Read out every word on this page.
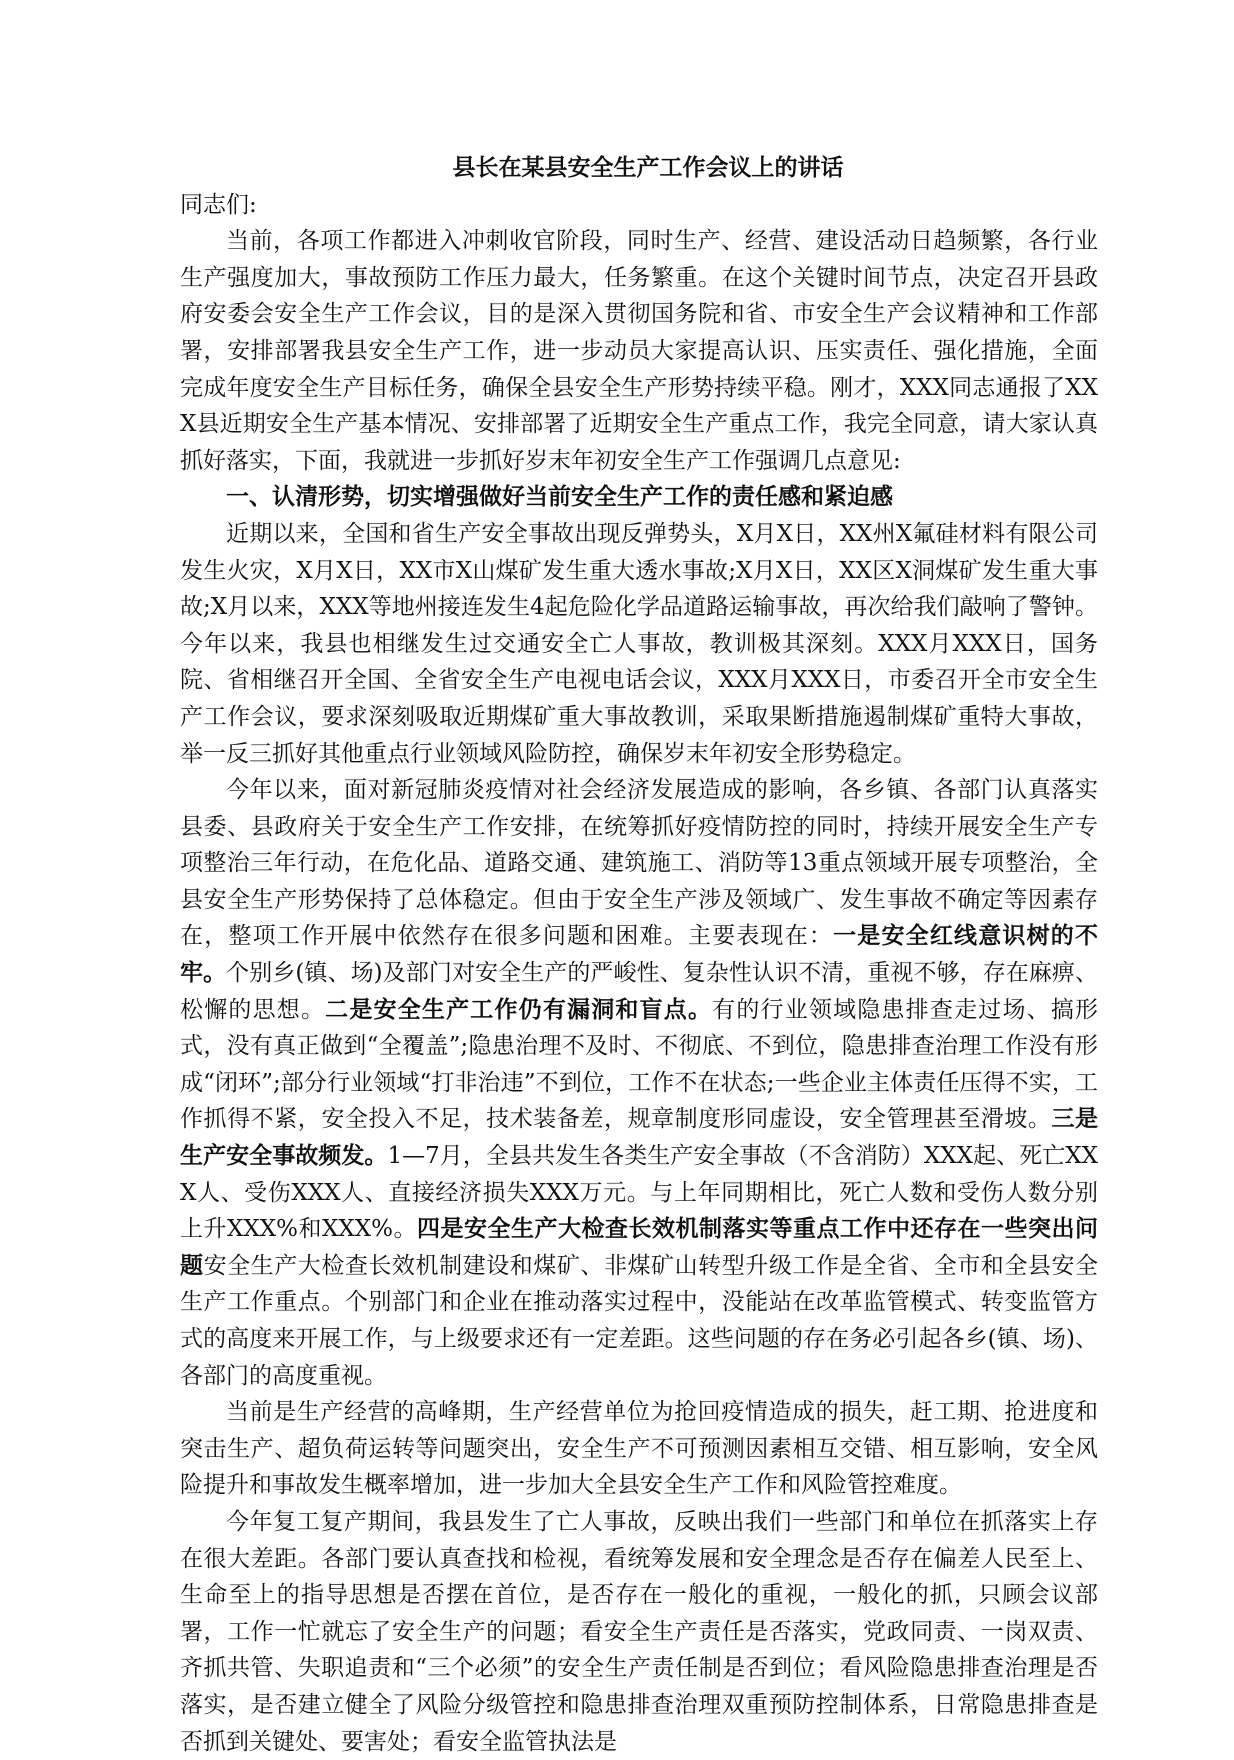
县长在某县安全生产工作会议上的讲话

同志们:

当前，各项工作都进入冲刺收官阶段，同时生产、经营、建设活动日趋频繁，各行业生产强度加大，事故预防工作压力最大，任务繁重。在这个关键时间节点，决定召开县政府安委会安全生产工作会议，目的是深入贯彻国务院和省、市安全生产会议精神和工作部署，安排部署我县安全生产工作，进一步动员大家提高认识、压实责任、强化措施，全面完成年度安全生产目标任务，确保全县安全生产形势持续平稳。刚才，XXX同志通报了XXX县近期安全生产基本情况、安排部署了近期安全生产重点工作，我完全同意，请大家认真抓好落实，下面，我就进一步抓好岁末年初安全生产工作强调几点意见:

一、认清形势，切实增强做好当前安全生产工作的责任感和紧迫感

近期以来，全国和省生产安全事故出现反弹势头，X月X日，XX州X氟硅材料有限公司发生火灾，X月X日，XX市X山煤矿发生重大透水事故;X月X日，XX区X洞煤矿发生重大事故;X月以来，XXX等地州接连发生4起危险化学品道路运输事故，再次给我们敲响了警钟。今年以来，我县也相继发生过交通安全亡人事故，教训极其深刻。XXX月XXX日，国务院、省相继召开全国、全省安全生产电视电话会议，XXX月XXX日，市委召开全市安全生产工作会议，要求深刻吸取近期煤矿重大事故教训，采取果断措施遏制煤矿重特大事故，举一反三抓好其他重点行业领域风险防控，确保岁末年初安全形势稳定。

今年以来，面对新冠肺炎疫情对社会经济发展造成的影响，各乡镇、各部门认真落实县委、县政府关于安全生产工作安排，在统筹抓好疫情防控的同时，持续开展安全生产专项整治三年行动，在危化品、道路交通、建筑施工、消防等13重点领域开展专项整治，全县安全生产形势保持了总体稳定。但由于安全生产涉及领域广、发生事故不确定等因素存在，整项工作开展中依然存在很多问题和困难。主要表现在：一是安全红线意识树的不牢。个别乡(镇、场)及部门对安全生产的严峻性、复杂性认识不清，重视不够，存在麻痹、松懈的思想。二是安全生产工作仍有漏洞和盲点。有的行业领域隐患排查走过场、搞形式，没有真正做到“全覆盖”;隐患治理不及时、不彻底、不到位，隐患排查治理工作没有形成“闭环”;部分行业领域“打非治违”不到位，工作不在状态;一些企业主体责任压得不实，工作抓得不紧，安全投入不足，技术装备差，规章制度形同虚设，安全管理甚至滑坡。三是生产安全事故频发。1—7月，全县共发生各类生产安全事故（不含消防）XXX起、死亡XXX人、受伤XXX人、直接经济损失XXX万元。与上年同期相比，死亡人数和受伤人数分别上升XXX%和XXX%。四是安全生产大检查长效机制落实等重点工作中还存在一些突出问题安全生产大检查长效机制建设和煤矿、非煤矿山转型升级工作是全省、全市和全县安全生产工作重点。个别部门和企业在推动落实过程中，没能站在改革监管模式、转变监管方式的高度来开展工作，与上级要求还有一定差距。这些问题的存在务必引起各乡(镇、场)、各部门的高度重视。

当前是生产经营的高峰期，生产经营单位为抢回疫情造成的损失，赶工期、抢进度和突击生产、超负荷运转等问题突出，安全生产不可预测因素相互交错、相互影响，安全风险提升和事故发生概率增加，进一步加大全县安全生产工作和风险管控难度。

今年复工复产期间，我县发生了亡人事故，反映出我们一些部门和单位在抓落实上存在很大差距。各部门要认真查找和检视，看统筹发展和安全理念是否存在偏差人民至上、生命至上的指导思想是否摆在首位，是否存在一般化的重视，一般化的抓，只顾会议部署，工作一忙就忘了安全生产的问题；看安全生产责任是否落实，党政同责、一岗双责、齐抓共管、失职追责和“三个必须”的安全生产责任制是否到位；看风险隐患排查治理是否落实，是否建立健全了风险分级管控和隐患排查治理双重预防控制体系，日常隐患排查是否抓到关键处、要害处；看安全监管执法是
